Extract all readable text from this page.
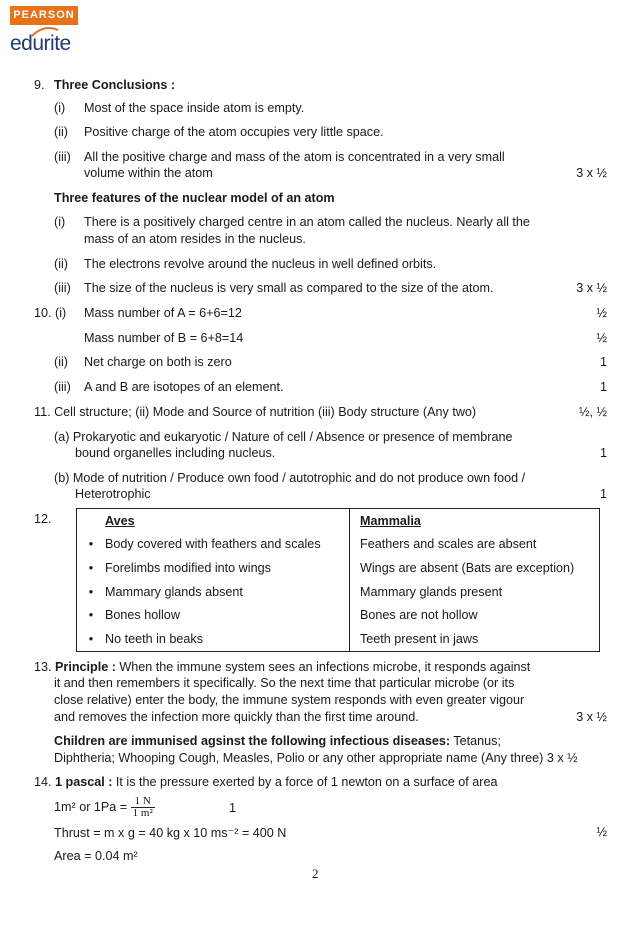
PEARSON
edurite
9. Three Conclusions :
(i) Most of the space inside atom is empty.
(ii) Positive charge of the atom occupies very little space.
(iii) All the positive charge and mass of the atom is concentrated in a very small
volume within the atom	3 x ½
Three features of the nuclear model of an atom
(i) There is a positively charged centre in an atom called the nucleus. Nearly all the
mass of an atom resides in the nucleus.
(ii) The electrons revolve around the nucleus in well defined orbits.
(iii) The size of the nucleus is very small as compared to the size of the atom.	3 x ½
10. (i) Mass number of A = 6+6=12	½
Mass number of B = 6+8=14	½
(ii) Net charge on both is zero	1
(iii) A and B are isotopes of an element.	1
11. Cell structure; (ii) Mode and Source of nutrition (iii) Body structure (Any two)	½, ½
(a) Prokaryotic and eukaryotic / Nature of cell / Absence or presence of membrane
bound organelles including nucleus.	1
(b) Mode of nutrition / Produce own food / autotrophic and do not produce own food /
Heterotrophic	1
12.	Aves	Mammalia
• Body covered with feathers and scales	Feathers and scales are absent
• Forelimbs modified into wings	Wings are absent (Bats are exception)
• Mammary glands absent	Mammary glands present
• Bones hollow	Bones are not hollow
• No teeth in beaks	Teeth present in jaws
13. Principle : When the immune system sees an infections microbe, it responds against
it and then remembers it specifically. So the next time that particular microbe (or its
close relative) enter the body, the immune system responds with even greater vigour
and removes the infection more quickly than the first time around.	3 x ½
Children are immunised agsinst the following infectious diseases: Tetanus;
Diphtheria; Whooping Cough, Measles, Polio or any other appropriate name (Any three) 3 x ½
14. 1 pascal : It is the pressure exerted by a force of 1 newton on a surface of area
1m² or $1Pa = \frac{1 N}{\text{1 m²}}$	1
Thrust = m x g = 40 kg x 10 ms⁻² = 400 N	½
Area = 0.04 m²
2
